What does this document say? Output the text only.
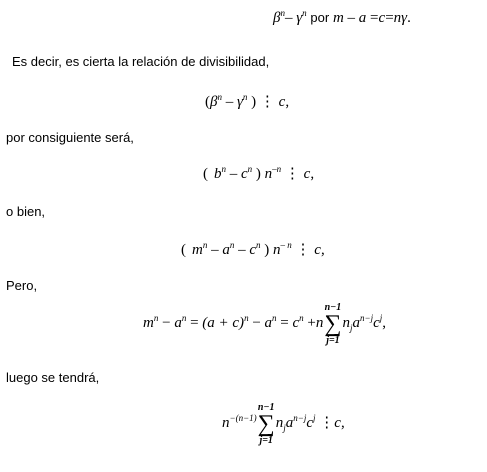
$\beta^n-$ $\gamma^n$ por m – a =c=nγ.
Es decir, es cierta la relación de divisibilidad,
($\beta^n - \gamma^n$ ) ⋮ c,
por consiguiente será,
( $b^n - c^n$ ) $n^{-n}$ ⋮ c,
o bien,
( $m^n - a^n - c^n$ ) $n^{- n}$ ⋮ c,
Pero,
$m^n - a^n = (a + c)^n - a^n = c^n +n$
n−1
∑
j=1
$n_ja^{n-j}c^j$,
luego se tendrá,
$n^{-(n-1)}$
n−1
∑
j=1
$n_ja^{n-j}c^j$ ⋮c,
